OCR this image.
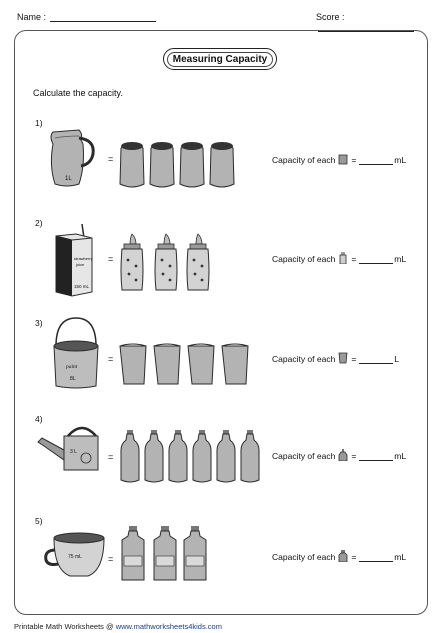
Name :	Score :
Measuring Capacity
Calculate the capacity.
1)
1L
=	Capacity of each =	mL
2)
strawberry
juice
150 mL
=	Capacity of each =	mL
3)
paint
8L
=	Capacity of each =	L
4)
3 L	=	Capacity of each =	mL
5)
75 mL	=	Capacity of each =	mL
Printable Math Worksheets @ www.mathworksheets4kids.com
